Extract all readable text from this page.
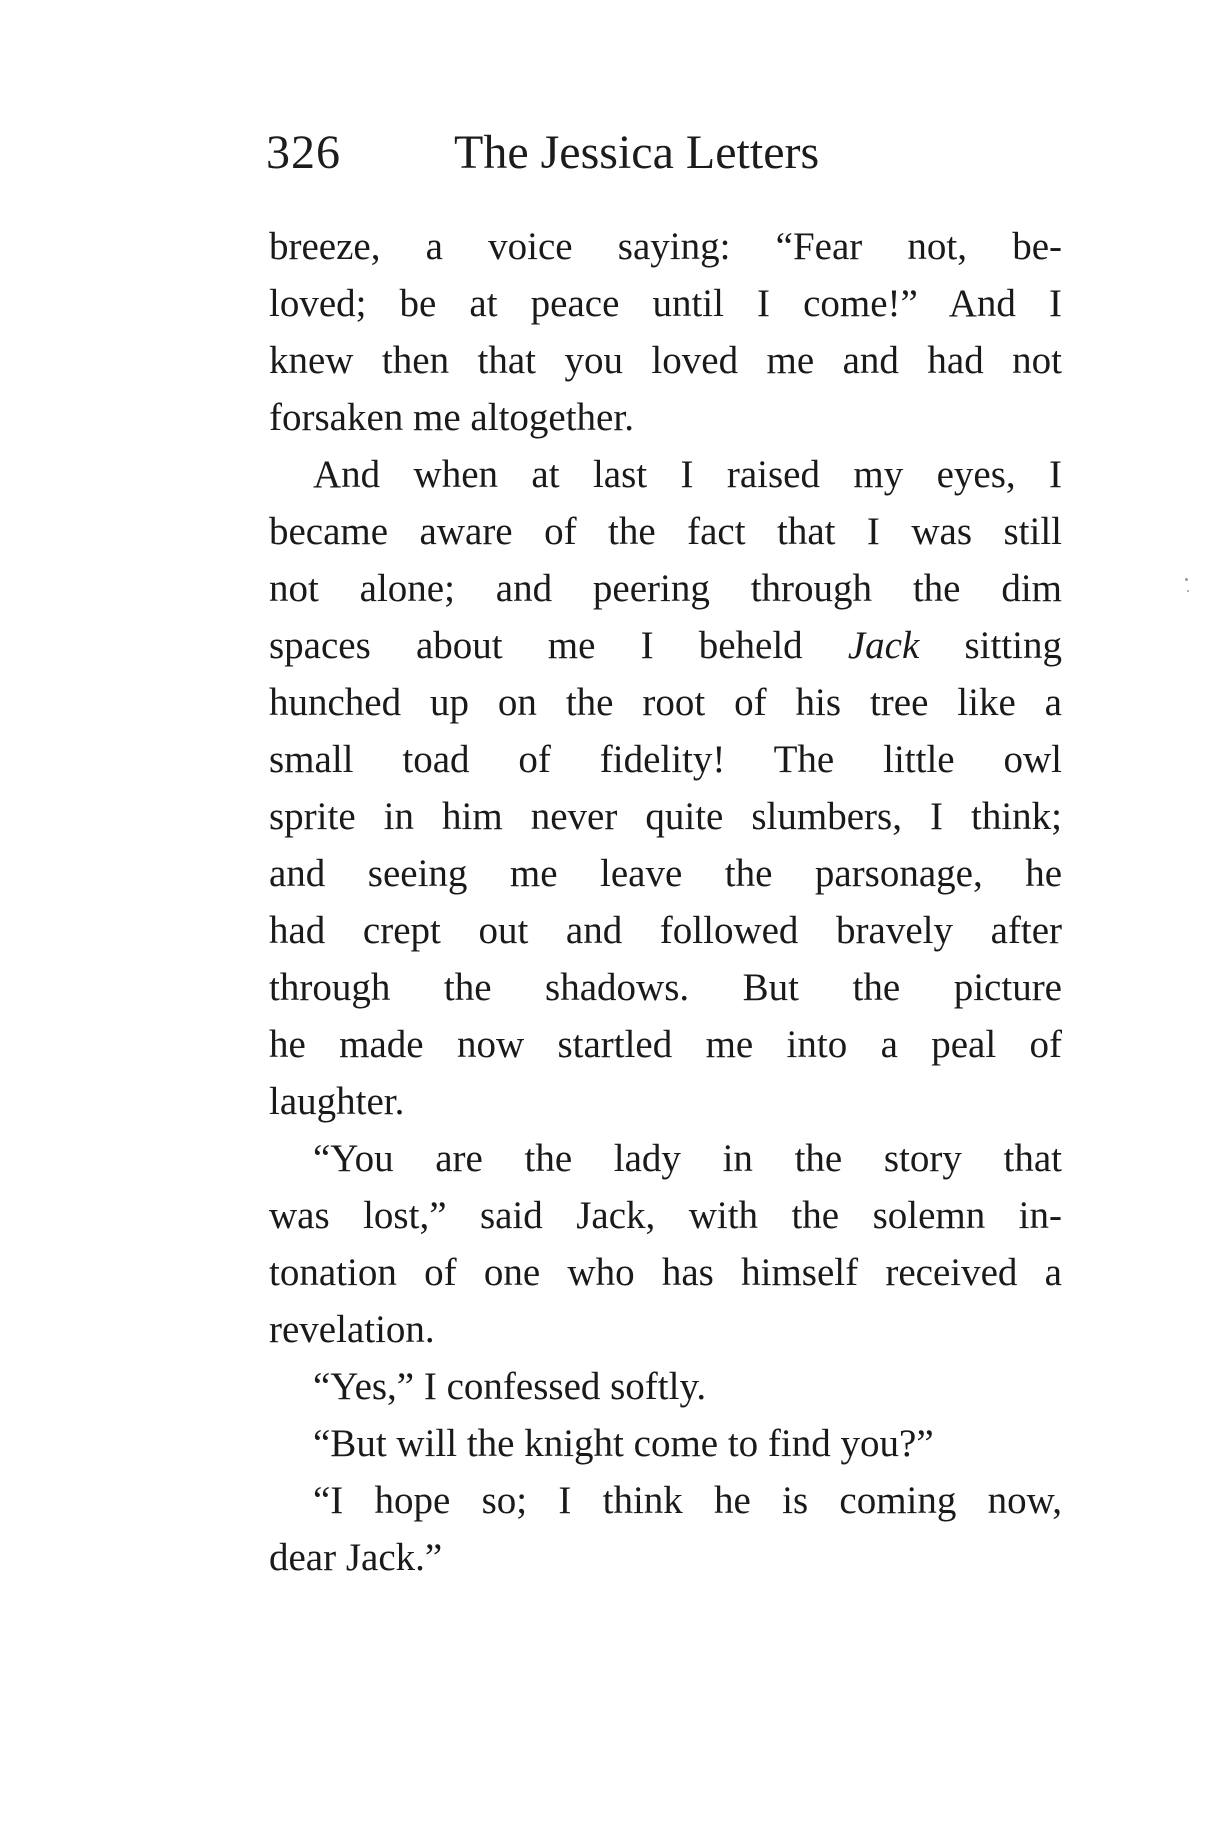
326 The Jessica Letters
breeze, a voice saying: “Fear not, be-
loved; be at peace until I come!” And I
knew then that you loved me and had not
forsaken me altogether.
And when at last I raised my eyes, I
became aware of the fact that I was still
not alone; and peering through the dim
spaces about me I beheld Jack sitting
hunched up on the root of his tree like a
small toad of fidelity! The little owl
sprite in him never quite slumbers, I think;
and seeing me leave the parsonage, he
had crept out and followed bravely after
through the shadows. But the picture
he made now startled me into a peal of
laughter.
“You are the lady in the story that
was lost,” said Jack, with the solemn in-
tonation of one who has himself received a
revelation.
“Yes,” I confessed softly.
“But will the knight come to find you?”
“I hope so; I think he is coming now,
dear Jack.”
